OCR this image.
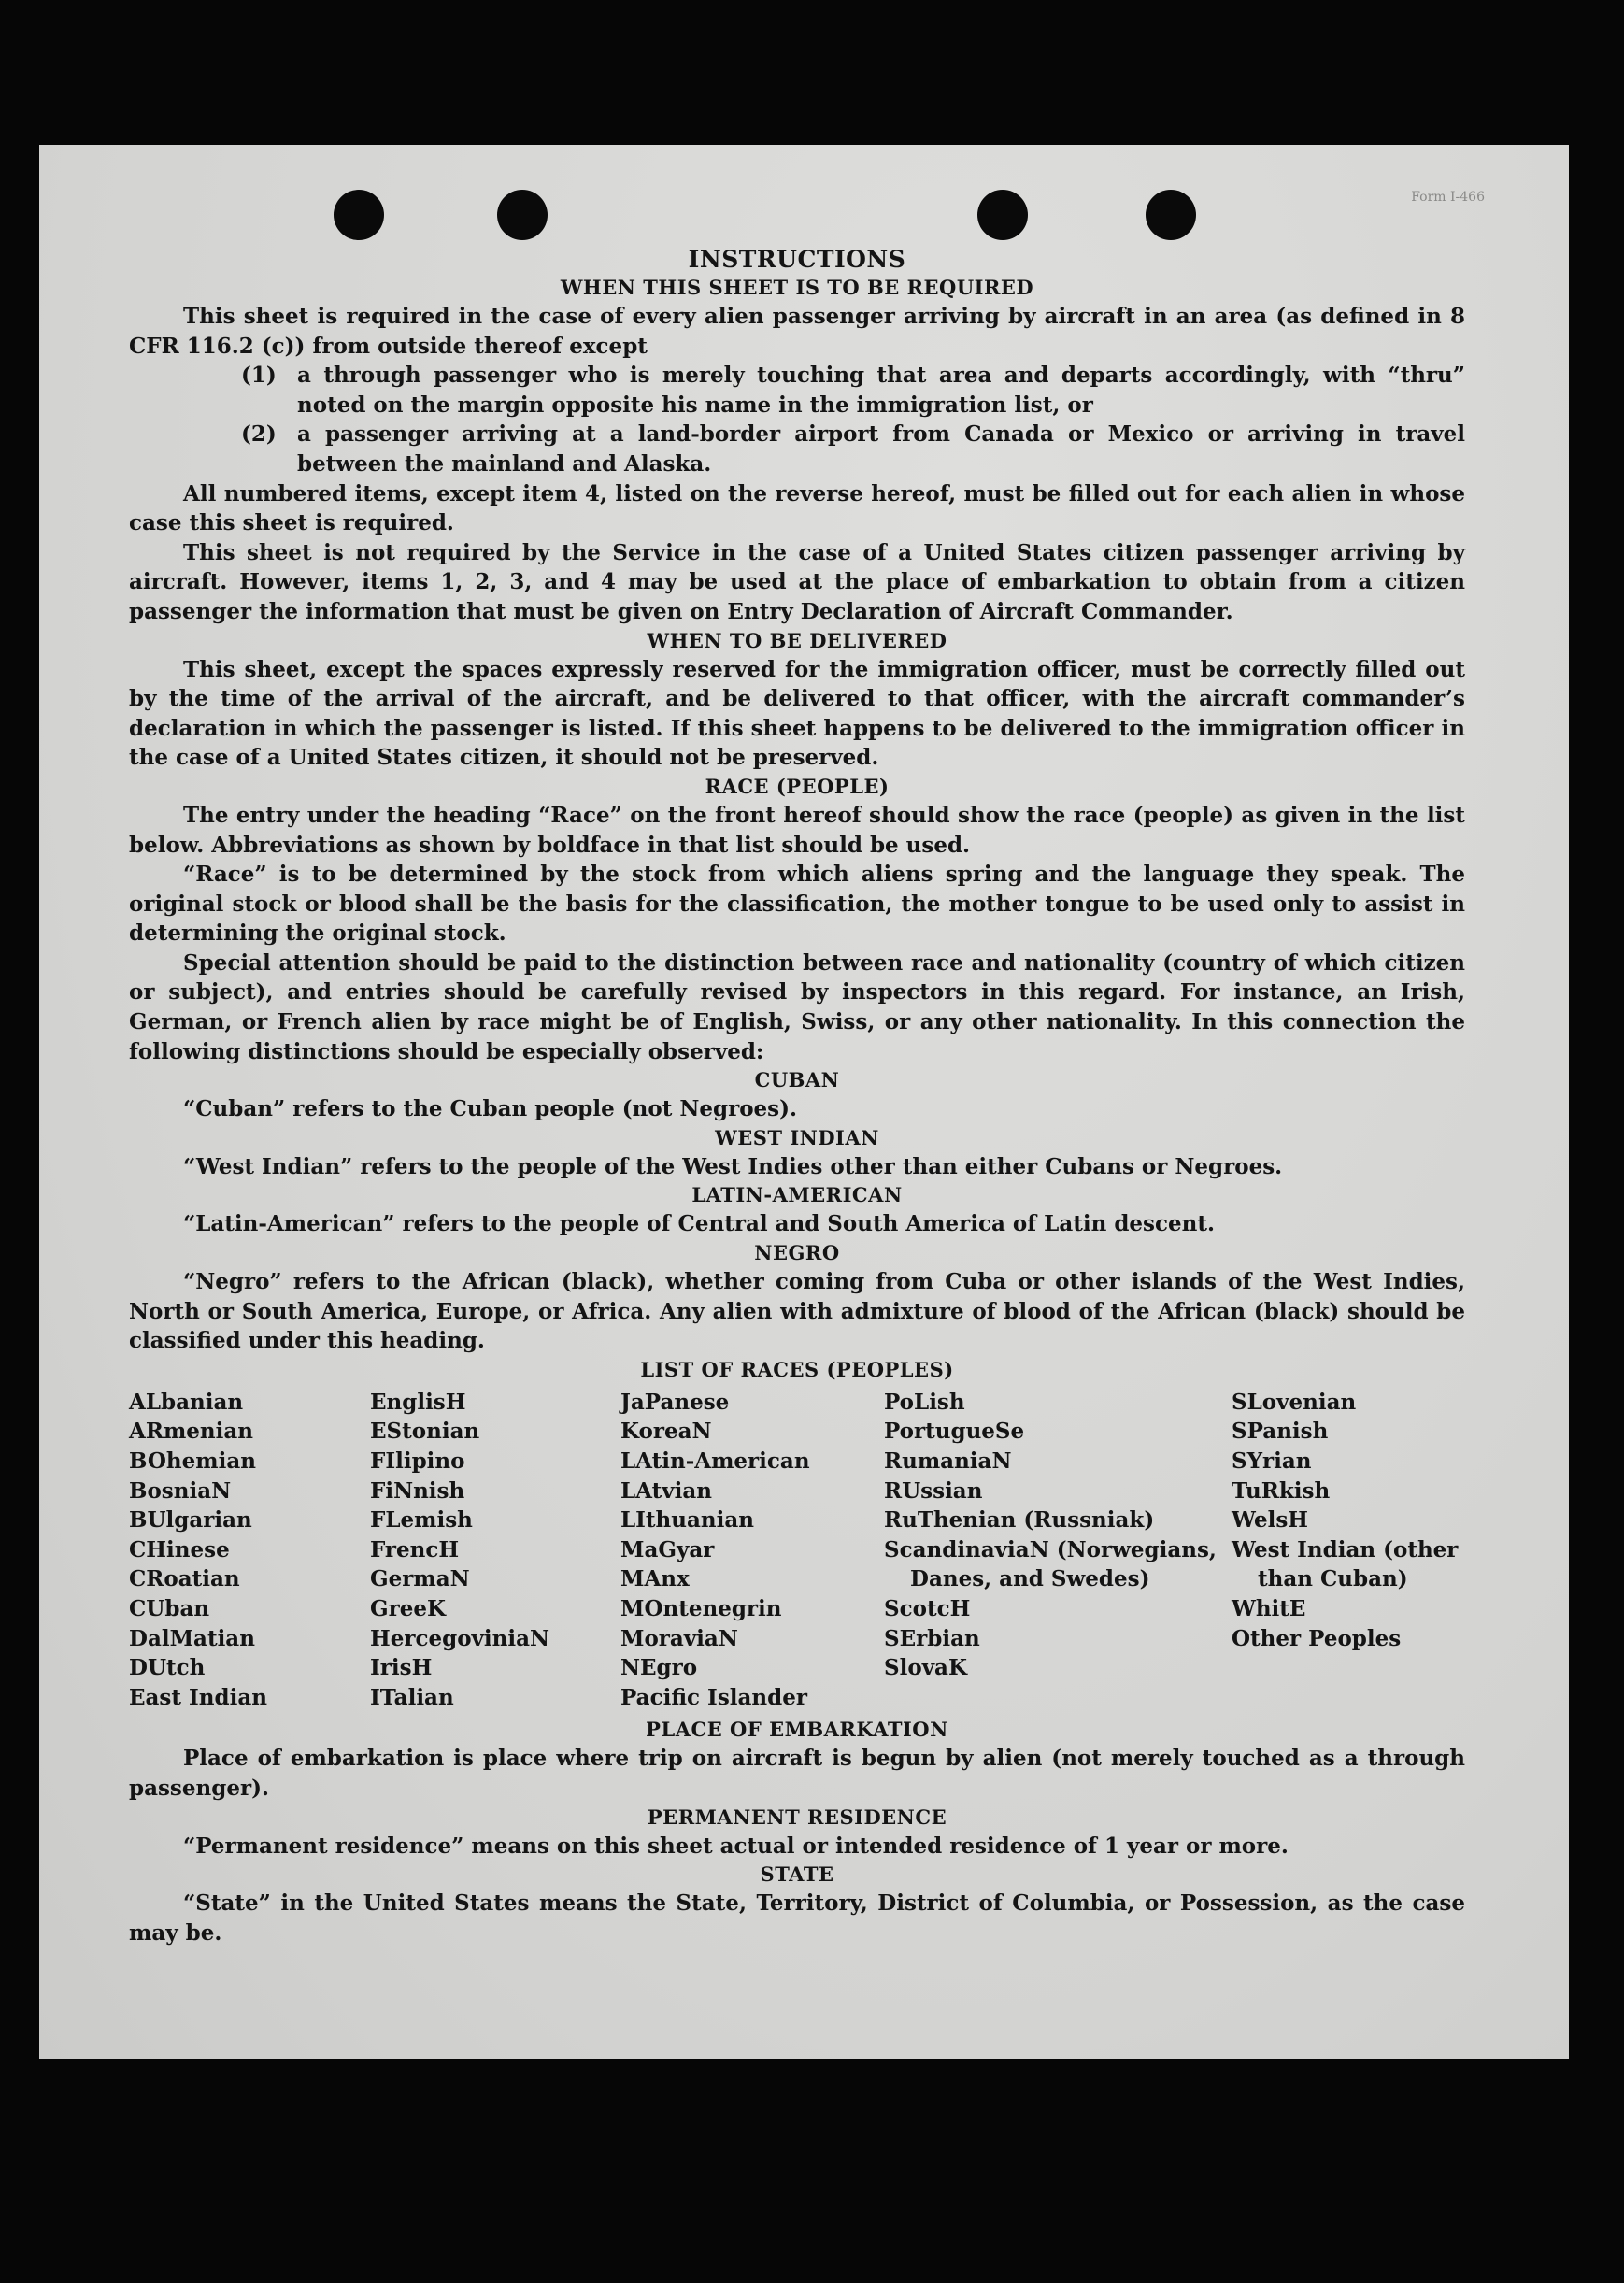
Form I-466
INSTRUCTIONS
WHEN THIS SHEET IS TO BE REQUIRED

This sheet is required in the case of every alien passenger arriving by aircraft in an area (as defined in 8 CFR 116.2 (c)) from outside thereof except

(1) a through passenger who is merely touching that area and departs accordingly, with “thru” noted on the margin opposite his name in the immigration list, or
(2) a passenger arriving at a land-border airport from Canada or Mexico or arriving in travel between the mainland and Alaska.

All numbered items, except item 4, listed on the reverse hereof, must be filled out for each alien in whose case this sheet is required.

This sheet is not required by the Service in the case of a United States citizen passenger arriving by aircraft. However, items 1, 2, 3, and 4 may be used at the place of embarkation to obtain from a citizen passenger the information that must be given on Entry Declaration of Aircraft Commander.

WHEN TO BE DELIVERED

This sheet, except the spaces expressly reserved for the immigration officer, must be correctly filled out by the time of the arrival of the aircraft, and be delivered to that officer, with the aircraft commander’s declaration in which the passenger is listed. If this sheet happens to be delivered to the immigration officer in the case of a United States citizen, it should not be preserved.

RACE (PEOPLE)

The entry under the heading “Race” on the front hereof should show the race (people) as given in the list below. Abbreviations as shown by boldface in that list should be used.

“Race” is to be determined by the stock from which aliens spring and the language they speak. The original stock or blood shall be the basis for the classification, the mother tongue to be used only to assist in determining the original stock.

Special attention should be paid to the distinction between race and nationality (country of which citizen or subject), and entries should be carefully revised by inspectors in this regard. For instance, an Irish, German, or French alien by race might be of English, Swiss, or any other nationality. In this connection the following distinctions should be especially observed:

CUBAN

“Cuban” refers to the Cuban people (not Negroes).

WEST INDIAN

“West Indian” refers to the people of the West Indies other than either Cubans or Negroes.

LATIN-AMERICAN

“Latin-American” refers to the people of Central and South America of Latin descent.

NEGRO

“Negro” refers to the African (black), whether coming from Cuba or other islands of the West Indies, North or South America, Europe, or Africa. Any alien with admixture of blood of the African (black) should be classified under this heading.

LIST OF RACES (PEOPLES)
ALbanian
ARmenian
BOhemian
BosniaN
BUlgarian
CHinese
CRoatian
CUban
DalMatian
DUtch
East Indian
EnglisH
EStonian
FIlipino
FiNnish
FLemish
FrencH
GermaN
GreeK
HercegoviniaN
IrisH
ITalian
JaPanese
KoreaN
LAtin-American
LAtvian
LIthuanian
MaGyar
MAnx
MOntenegrin
MoraviaN
NEgro
Pacific Islander
PoLish
PortugueSe
RumaniaN
RUssian
RuThenian (Russniak)
ScandinaviaN (Norwegians, Danes, and Swedes)
ScotcH
SErbian
SlovaK
SLovenian
SPanish
SYrian
TuRkish
WelsH
West Indian (other than Cuban)
WhitE
Other Peoples
PLACE OF EMBARKATION

Place of embarkation is place where trip on aircraft is begun by alien (not merely touched as a through passenger).

PERMANENT RESIDENCE

“Permanent residence” means on this sheet actual or intended residence of 1 year or more.

STATE

“State” in the United States means the State, Territory, District of Columbia, or Possession, as the case may be.
